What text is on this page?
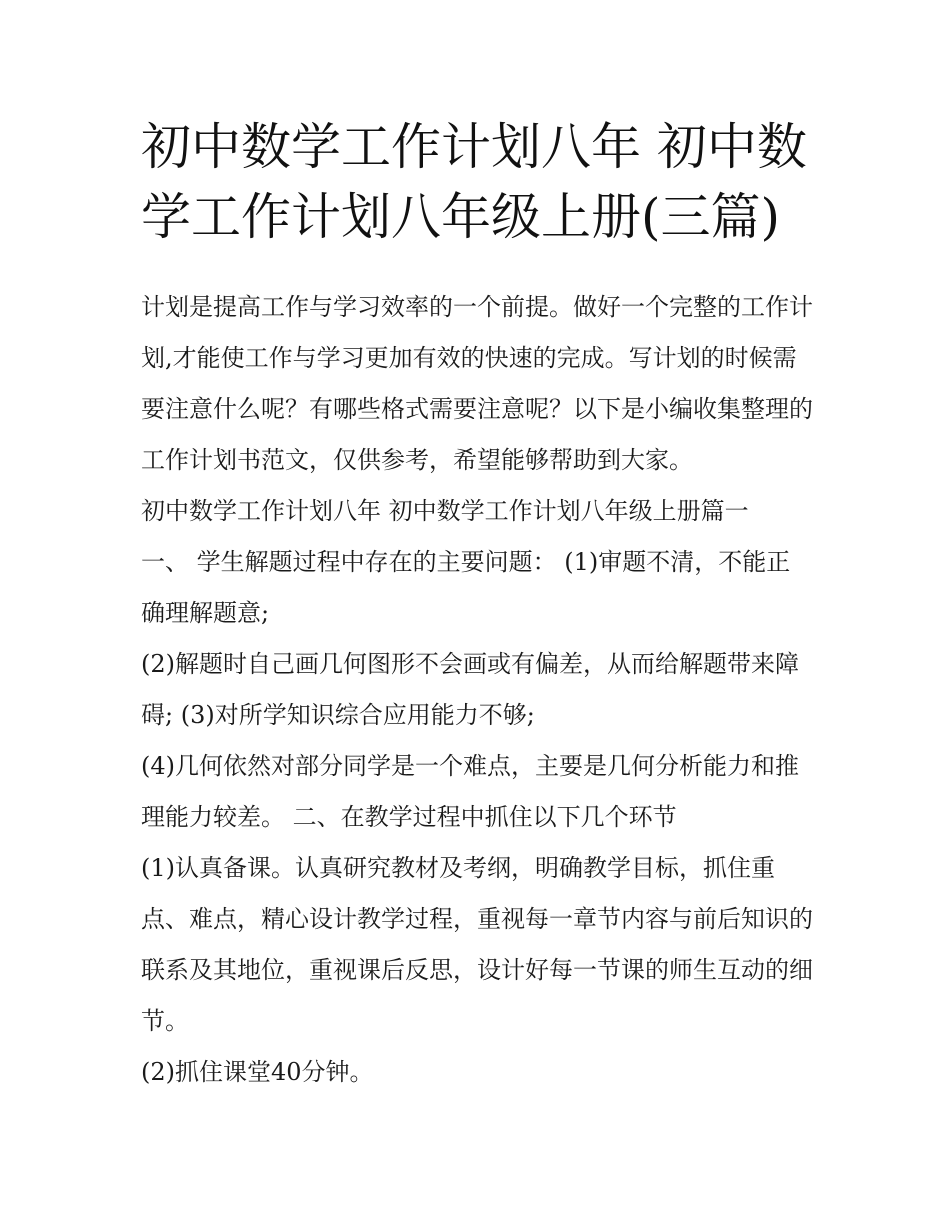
初中数学工作计划八年 初中数学工作计划八年级上册(三篇)

计划是提高工作与学习效率的一个前提。做好一个完整的工作计划,才能使工作与学习更加有效的快速的完成。写计划的时候需要注意什么呢？有哪些格式需要注意呢？以下是小编收集整理的工作计划书范文，仅供参考，希望能够帮助到大家。

初中数学工作计划八年 初中数学工作计划八年级上册篇一

一、 学生解题过程中存在的主要问题： (1)审题不清，不能正确理解题意;

(2)解题时自己画几何图形不会画或有偏差，从而给解题带来障碍; (3)对所学知识综合应用能力不够;

(4)几何依然对部分同学是一个难点，主要是几何分析能力和推理能力较差。 二、在教学过程中抓住以下几个环节

(1)认真备课。认真研究教材及考纲，明确教学目标，抓住重点、难点，精心设计教学过程，重视每一章节内容与前后知识的联系及其地位，重视课后反思，设计好每一节课的师生互动的细节。

(2)抓住课堂40分钟。
